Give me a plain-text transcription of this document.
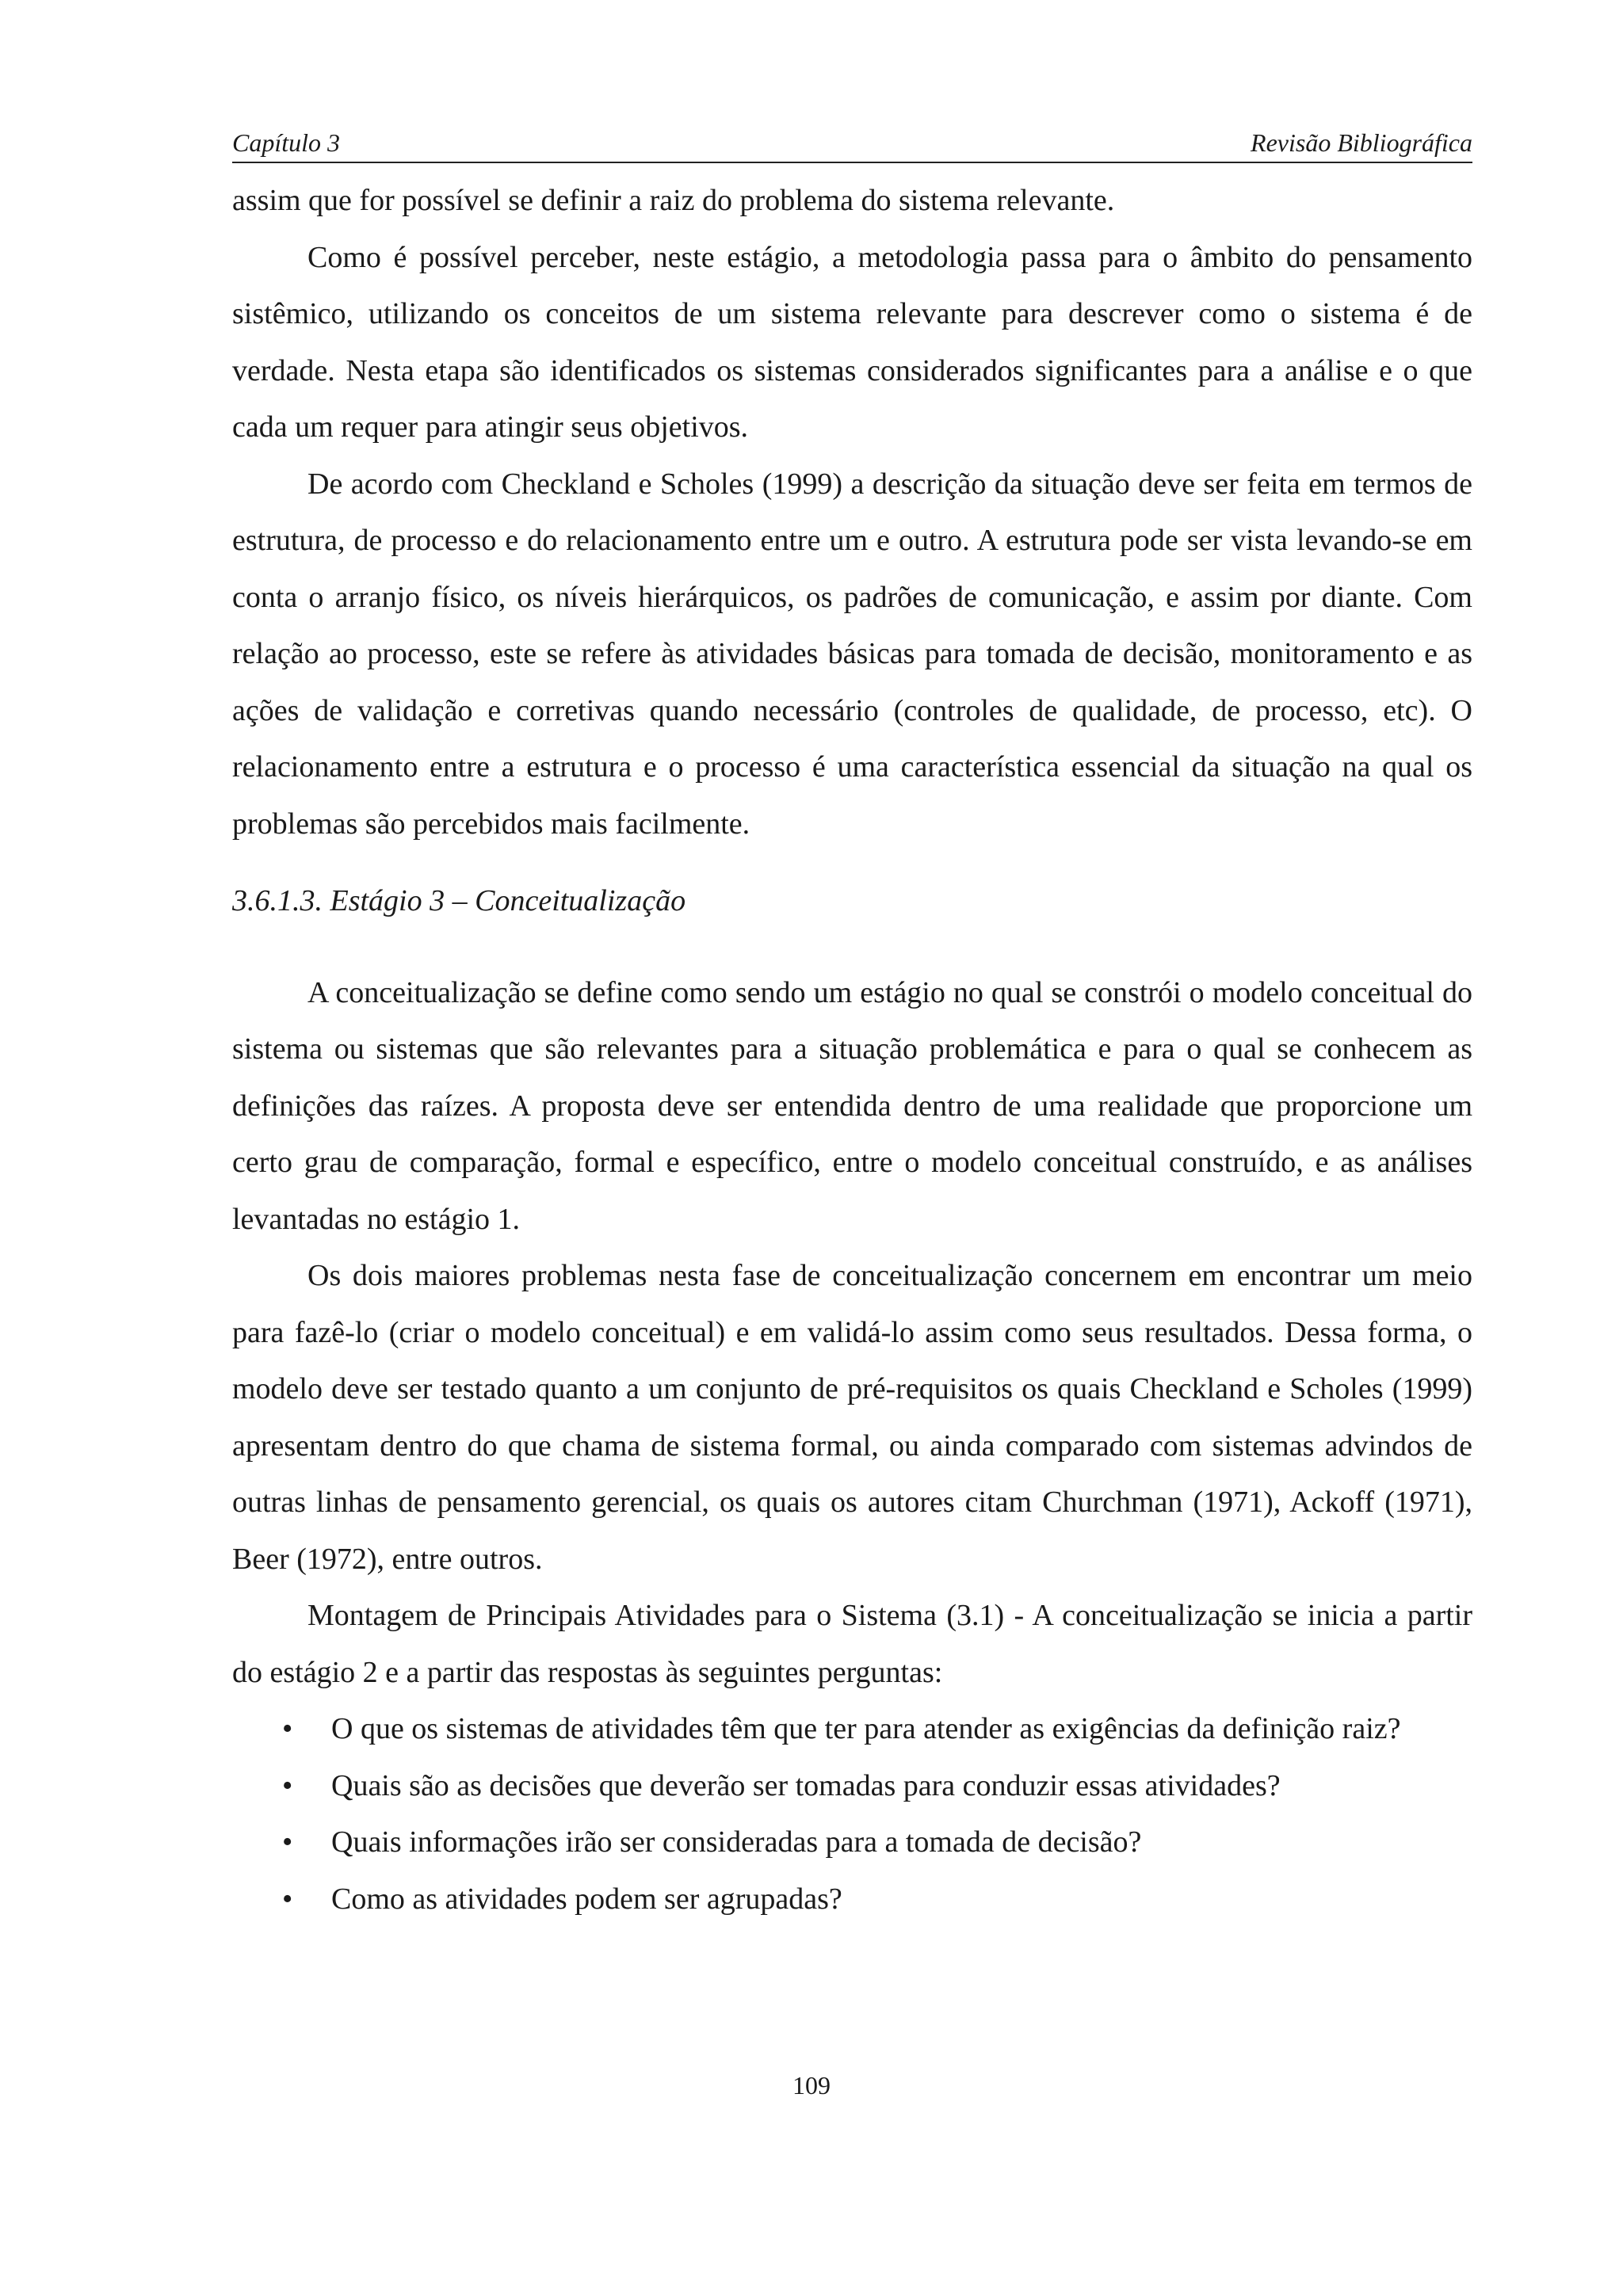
Capítulo 3	Revisão Bibliográfica

assim que for possível se definir a raiz do problema do sistema relevante.

Como é possível perceber, neste estágio, a metodologia passa para o âmbito do pensamento sistêmico, utilizando os conceitos de um sistema relevante para descrever como o sistema é de verdade. Nesta etapa são identificados os sistemas considerados significantes para a análise e o que cada um requer para atingir seus objetivos.

De acordo com Checkland e Scholes (1999) a descrição da situação deve ser feita em termos de estrutura, de processo e do relacionamento entre um e outro. A estrutura pode ser vista levando-se em conta o arranjo físico, os níveis hierárquicos, os padrões de comunicação, e assim por diante. Com relação ao processo, este se refere às atividades básicas para tomada de decisão, monitoramento e as ações de validação e corretivas quando necessário (controles de qualidade, de processo, etc). O relacionamento entre a estrutura e o processo é uma característica essencial da situação na qual os problemas são percebidos mais facilmente.

3.6.1.3. Estágio 3 – Conceitualização

A conceitualização se define como sendo um estágio no qual se constrói o modelo conceitual do sistema ou sistemas que são relevantes para a situação problemática e para o qual se conhecem as definições das raízes. A proposta deve ser entendida dentro de uma realidade que proporcione um certo grau de comparação, formal e específico, entre o modelo conceitual construído, e as análises levantadas no estágio 1.

Os dois maiores problemas nesta fase de conceitualização concernem em encontrar um meio para fazê-lo (criar o modelo conceitual) e em validá-lo assim como seus resultados. Dessa forma, o modelo deve ser testado quanto a um conjunto de pré-requisitos os quais Checkland e Scholes (1999) apresentam dentro do que chama de sistema formal, ou ainda comparado com sistemas advindos de outras linhas de pensamento gerencial, os quais os autores citam Churchman (1971), Ackoff (1971), Beer (1972), entre outros.

Montagem de Principais Atividades para o Sistema (3.1) - A conceitualização se inicia a partir do estágio 2 e a partir das respostas às seguintes perguntas:

• O que os sistemas de atividades têm que ter para atender as exigências da definição raiz?
• Quais são as decisões que deverão ser tomadas para conduzir essas atividades?
• Quais informações irão ser consideradas para a tomada de decisão?
• Como as atividades podem ser agrupadas?
109
